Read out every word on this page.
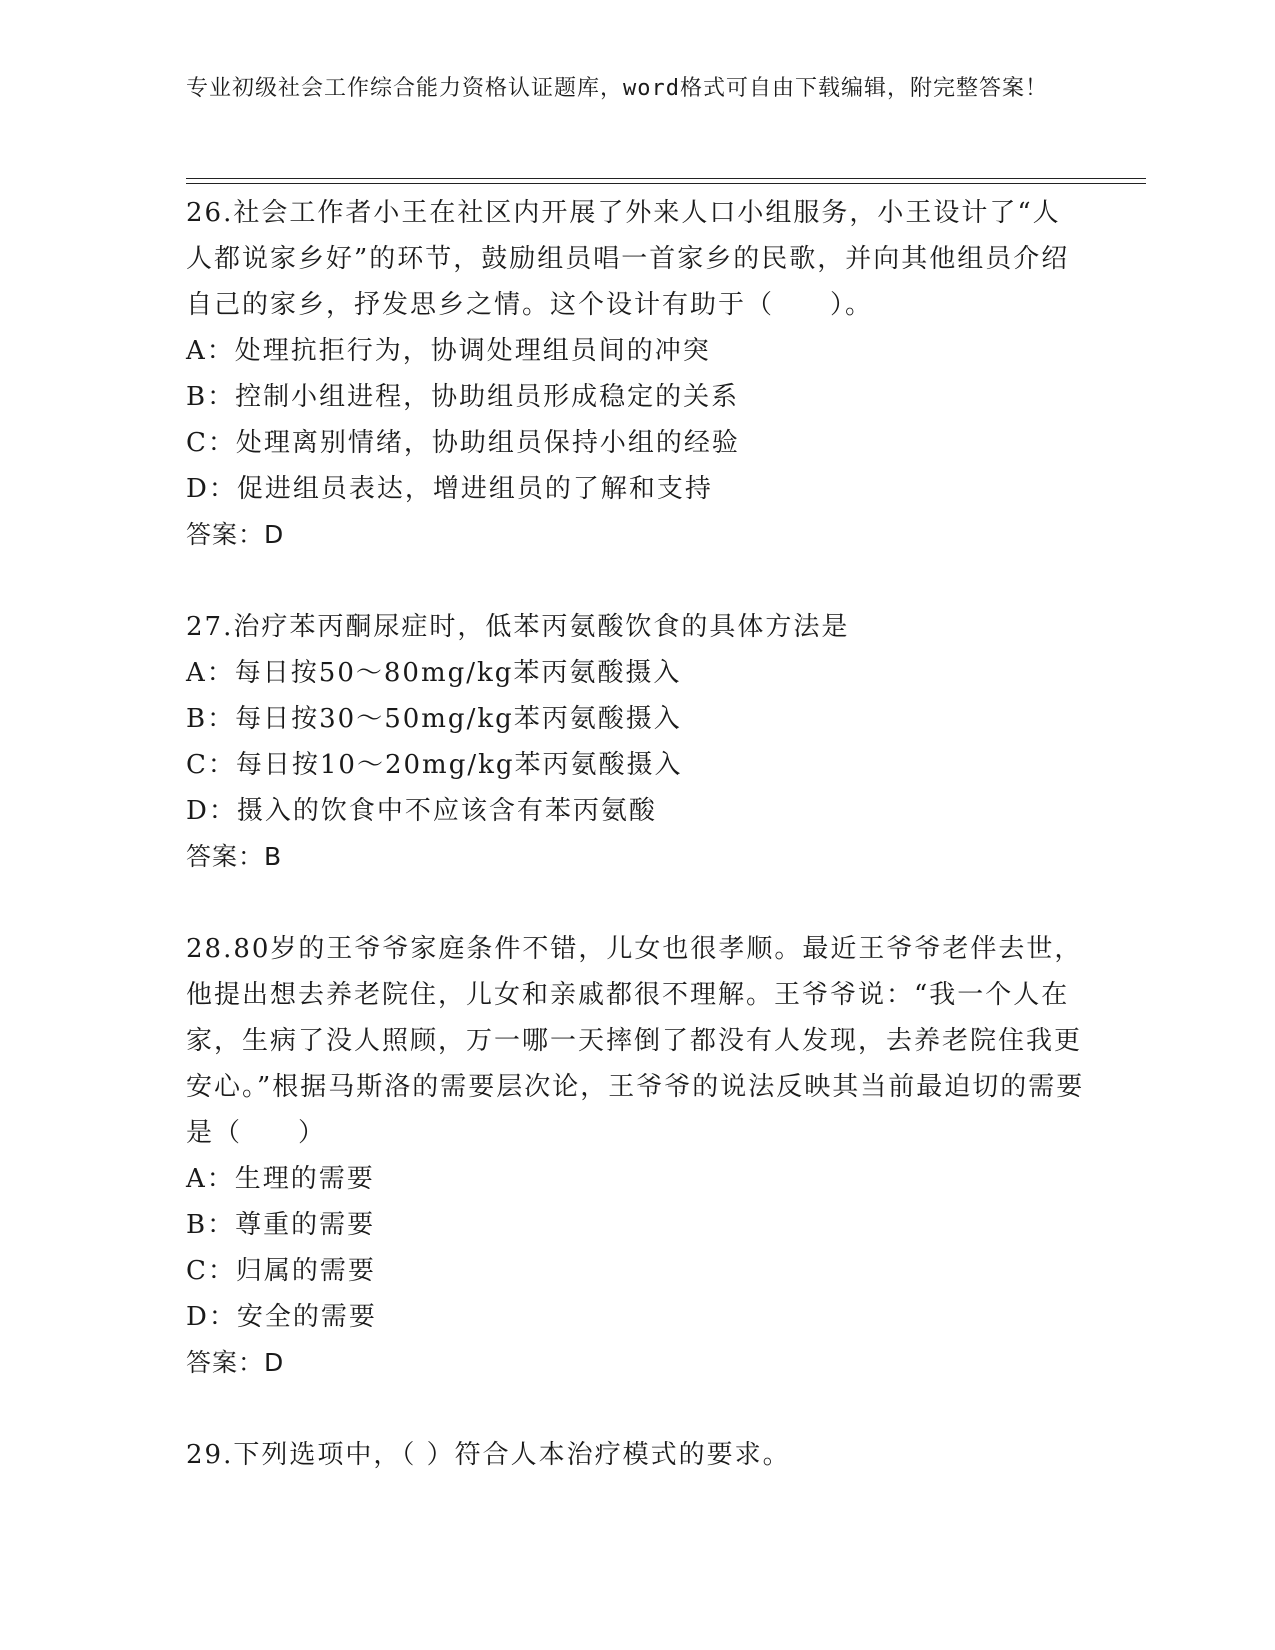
专业初级社会工作综合能力资格认证题库，word格式可自由下载编辑，附完整答案！

26.社会工作者小王在社区内开展了外来人口小组服务，小王设计了“人人都说家乡好”的环节，鼓励组员唱一首家乡的民歌，并向其他组员介绍自己的家乡，抒发思乡之情。这个设计有助于（　　）。

A：处理抗拒行为，协调处理组员间的冲突

B：控制小组进程，协助组员形成稳定的关系

C：处理离别情绪，协助组员保持小组的经验

D：促进组员表达，增进组员的了解和支持

答案：D

27.治疗苯丙酮尿症时，低苯丙氨酸饮食的具体方法是

A：每日按50～80mg/kg苯丙氨酸摄入

B：每日按30～50mg/kg苯丙氨酸摄入

C：每日按10～20mg/kg苯丙氨酸摄入

D：摄入的饮食中不应该含有苯丙氨酸

答案：B

28.80岁的王爷爷家庭条件不错，儿女也很孝顺。最近王爷爷老伴去世，他提出想去养老院住，儿女和亲戚都很不理解。王爷爷说：“我一个人在家，生病了没人照顾，万一哪一天摔倒了都没有人发现，去养老院住我更安心。”根据马斯洛的需要层次论，王爷爷的说法反映其当前最迫切的需要是（　　）

A：生理的需要

B：尊重的需要

C：归属的需要

D：安全的需要

答案：D

29.下列选项中，（ ）符合人本治疗模式的要求。
